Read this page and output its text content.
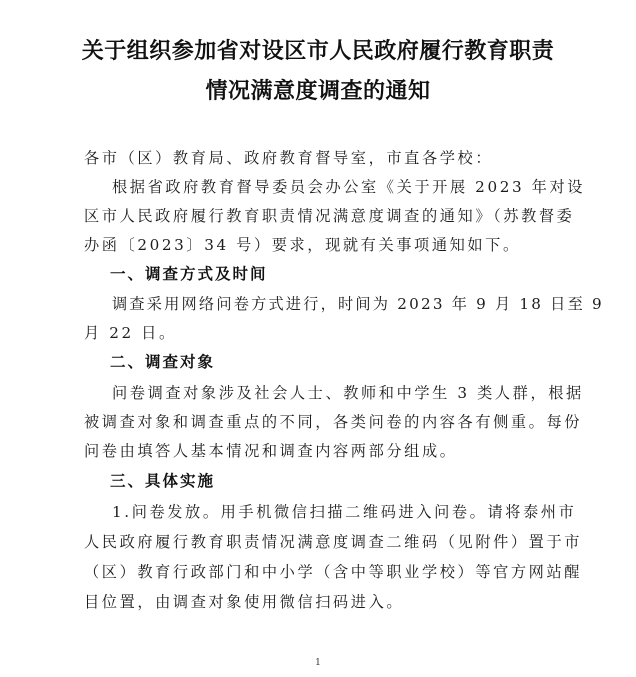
关于组织参加省对设区市人民政府履行教育职责
情况满意度调查的通知
各市（区）教育局、政府教育督导室，市直各学校：
根据省政府教育督导委员会办公室《关于开展 2023 年对设
区市人民政府履行教育职责情况满意度调查的通知》（苏教督委
办函〔2023〕34 号）要求，现就有关事项通知如下。
一、调查方式及时间
调查采用网络问卷方式进行，时间为 2023 年 9 月 18 日至 9
月 22 日。
二、调查对象
问卷调查对象涉及社会人士、教师和中学生 3 类人群，根据
被调查对象和调查重点的不同，各类问卷的内容各有侧重。每份
问卷由填答人基本情况和调查内容两部分组成。
三、具体实施
1.问卷发放。用手机微信扫描二维码进入问卷。请将泰州市
人民政府履行教育职责情况满意度调查二维码（见附件）置于市
（区）教育行政部门和中小学（含中等职业学校）等官方网站醒
目位置，由调查对象使用微信扫码进入。
1
